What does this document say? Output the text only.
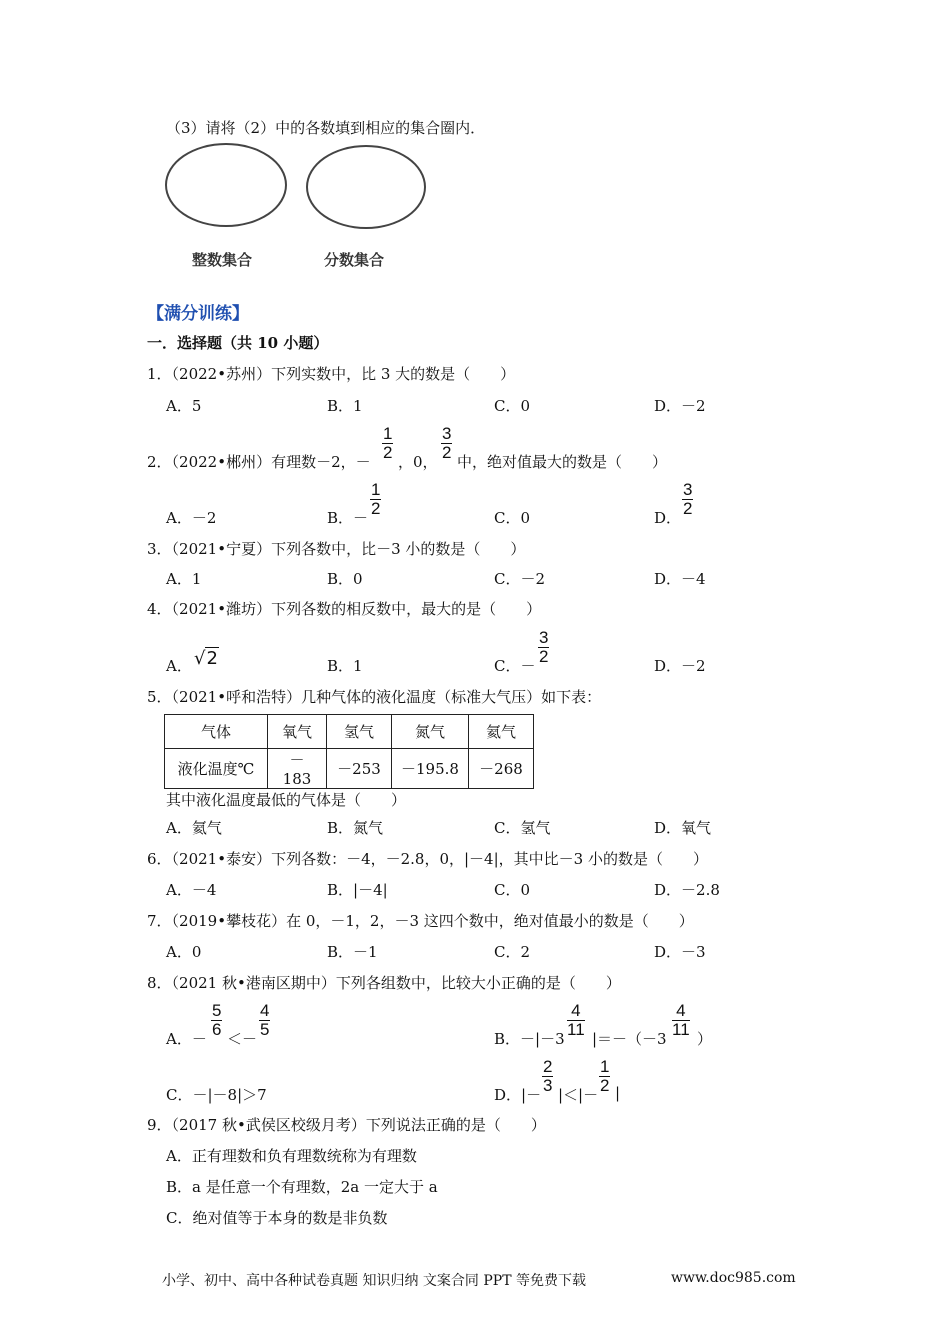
（3）请将（2）中的各数填到相应的集合圈内．
整数集合	分数集合
【满分训练】
一．选择题（共 10 小题）
1．（2022•苏州）下列实数中，比 3 大的数是（　　）
A．5	B．1	C．0	D．－2
2．（2022•郴州）有理数－2，－ $\frac{1}{2}$ ，0， $\frac{3}{2}$ 中，绝对值最大的数是（　　）
A．－2	B．－ $\frac{1}{2}$	C．0	D． $\frac{3}{2}$
3．（2021•宁夏）下列各数中，比－3 小的数是（　　）
A．1	B．0	C．－2	D．－4
4．（2021•潍坊）下列各数的相反数中，最大的是（　　）
A． √2	B．1	C．－ $\frac{3}{2}$	D．－2
5．（2021•呼和浩特）几种气体的液化温度（标准大气压）如下表：
气体	氧气	氢气	氮气	氦气
液化温度℃	－183	－253	－195.8	－268
其中液化温度最低的气体是（　　）
A．氦气	B．氮气	C．氢气	D．氧气
6．（2021•泰安）下列各数：－4，－2.8，0，|－4|，其中比－3 小的数是（　　）
A．－4	B．|－4|	C．0	D．－2.8
7．（2019•攀枝花）在 0，－1，2，－3 这四个数中，绝对值最小的数是（　　）
A．0	B．－1	C．2	D．－3
8．（2021 秋•港南区期中）下列各组数中，比较大小正确的是（　　）
A．－ $\frac{5}{6} <- \frac{4}{5}$	B．$-|-3 \frac{4}{11} |=-(-3 \frac{4}{11}$ ）
C．－|－8|＞7	D．|－ $\frac{2}{3}$ |＜|－ $\frac{1}{2}$ |
9．（2017 秋•武侯区校级月考）下列说法正确的是（　　）
A．正有理数和负有理数统称为有理数
B．a 是任意一个有理数，2a 一定大于 a
C．绝对值等于本身的数是非负数
小学、初中、高中各种试卷真题 知识归纳 文案合同 PPT 等免费下载	www.doc985.com
